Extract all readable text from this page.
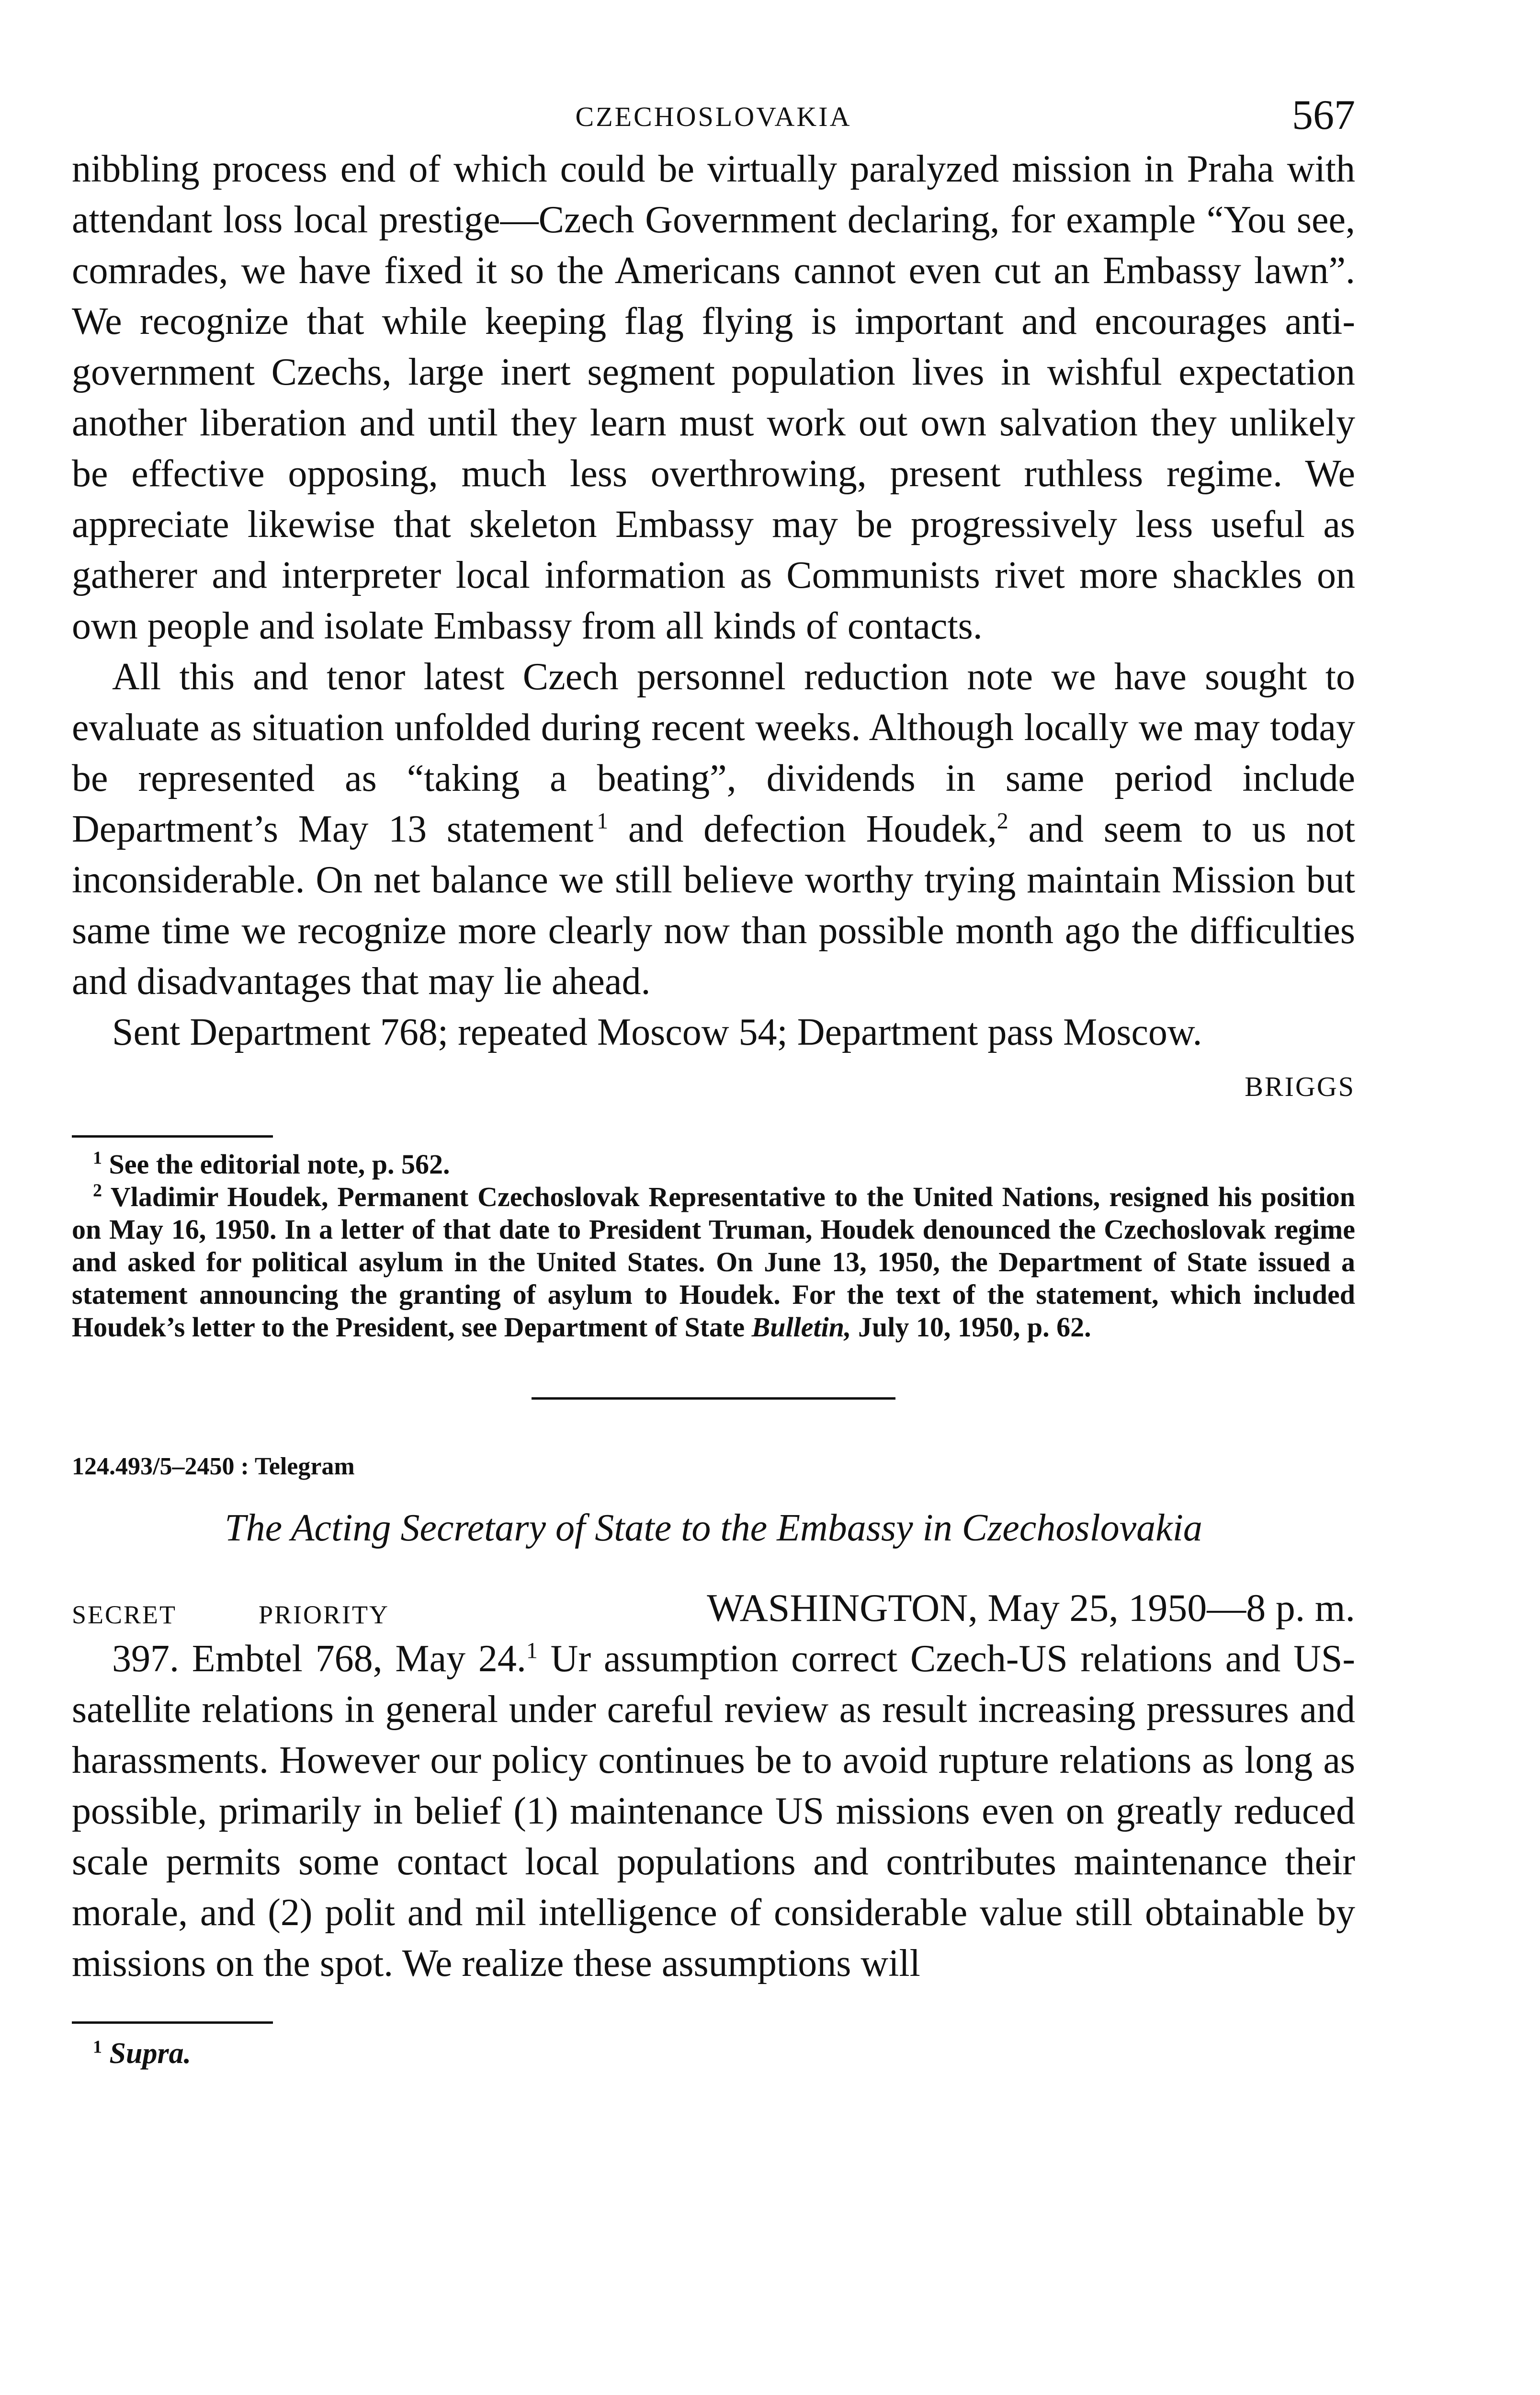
CZECHOSLOVAKIA	567

nibbling process end of which could be virtually paralyzed mission in Praha with attendant loss local prestige—Czech Government declaring, for example “You see, comrades, we have fixed it so the Americans cannot even cut an Embassy lawn”. We recognize that while keeping flag flying is important and encourages anti-government Czechs, large inert segment population lives in wishful expectation another liberation and until they learn must work out own salvation they unlikely be effective opposing, much less overthrowing, present ruthless regime. We appreciate likewise that skeleton Embassy may be progressively less useful as gatherer and interpreter local information as Communists rivet more shackles on own people and isolate Embassy from all kinds of contacts.

All this and tenor latest Czech personnel reduction note we have sought to evaluate as situation unfolded during recent weeks. Although locally we may today be represented as “taking a beating”, dividends in same period include Department’s May 13 statement  $^1$ and defection Houdek,$^2$ and seem to us not inconsiderable. On net balance we still believe worthy trying maintain Mission but same time we recognize more clearly now than possible month ago the difficulties and disadvantages that may lie ahead.

Sent Department 768; repeated Moscow 54; Department pass Moscow.

BRIGGS

$^1$ See the editorial note, p. 562.

$^2$ Vladimir Houdek, Permanent Czechoslovak Representative to the United Nations, resigned his position on May 16, 1950. In a letter of that date to President Truman, Houdek denounced the Czechoslovak regime and asked for political asylum in the United States. On June 13, 1950, the Department of State issued a statement announcing the granting of asylum to Houdek. For the text of the statement, which included Houdek’s letter to the President, see Department of State Bulletin, July 10, 1950, p. 62.

124.493/5–2450 : Telegram
The Acting Secretary of State to the Embassy in Czechoslovakia
SECRET	PRIORITY	WASHINGTON, May 25, 1950—8 p. m.

397. Embtel 768, May 24.$^1$ Ur assumption correct Czech-US relations and US-satellite relations in general under careful review as result increasing pressures and harassments. However our policy continues be to avoid rupture relations as long as possible, primarily in belief (1) maintenance US missions even on greatly reduced scale permits some contact local populations and contributes maintenance their morale, and (2) polit and mil intelligence of considerable value still obtainable by missions on the spot. We realize these assumptions will

$^1$ Supra.
